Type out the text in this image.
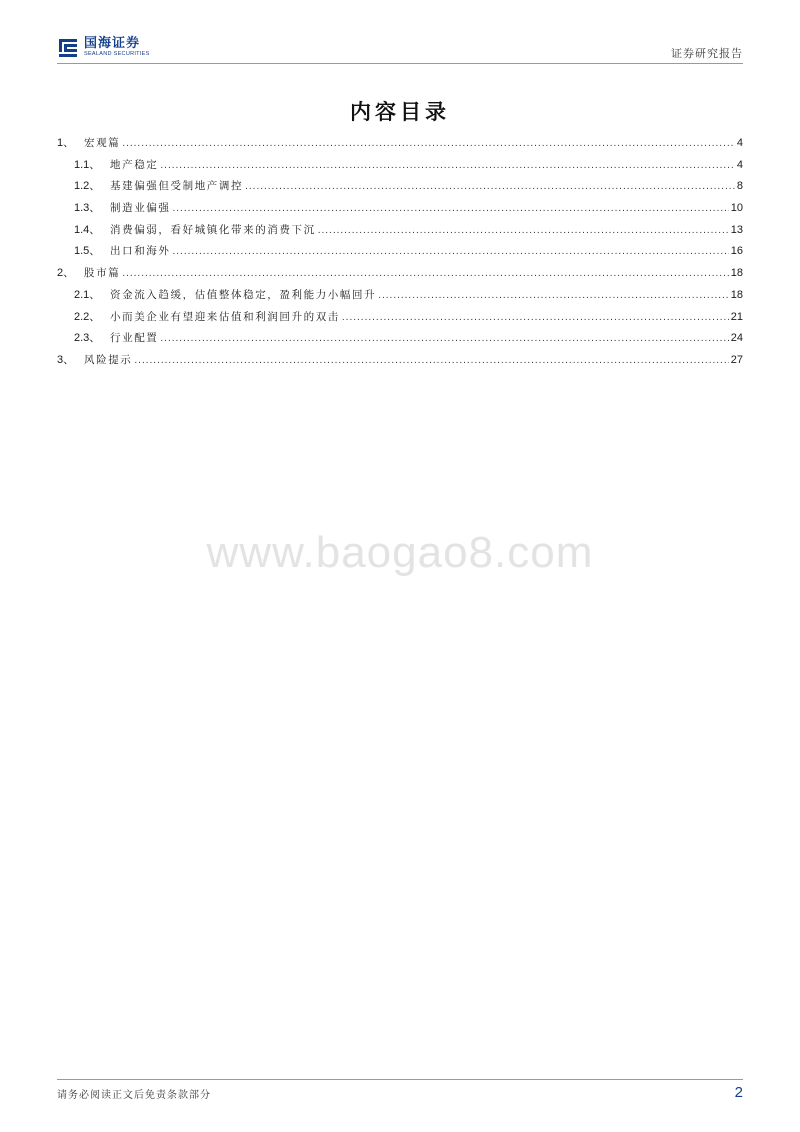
国海证券
SEALAND SECURITIES	证券研究报告
内容目录
1、 宏观篇 .....	4
1.1、 地产稳定 .....	4
1.2、 基建偏强但受制地产调控 .....	8
1.3、 制造业偏强 .....	10
1.4、 消费偏弱，看好城镇化带来的消费下沉 .....	13
1.5、 出口和海外 .....	16
2、 股市篇 .....	18
2.1、 资金流入趋缓，估值整体稳定，盈利能力小幅回升 .....	18
2.2、 小而美企业有望迎来估值和利润回升的双击 .....	21
2.3、 行业配置 .....	24
3、 风险提示 .....	27
www.baogao8.com
请务必阅读正文后免责条款部分	2
